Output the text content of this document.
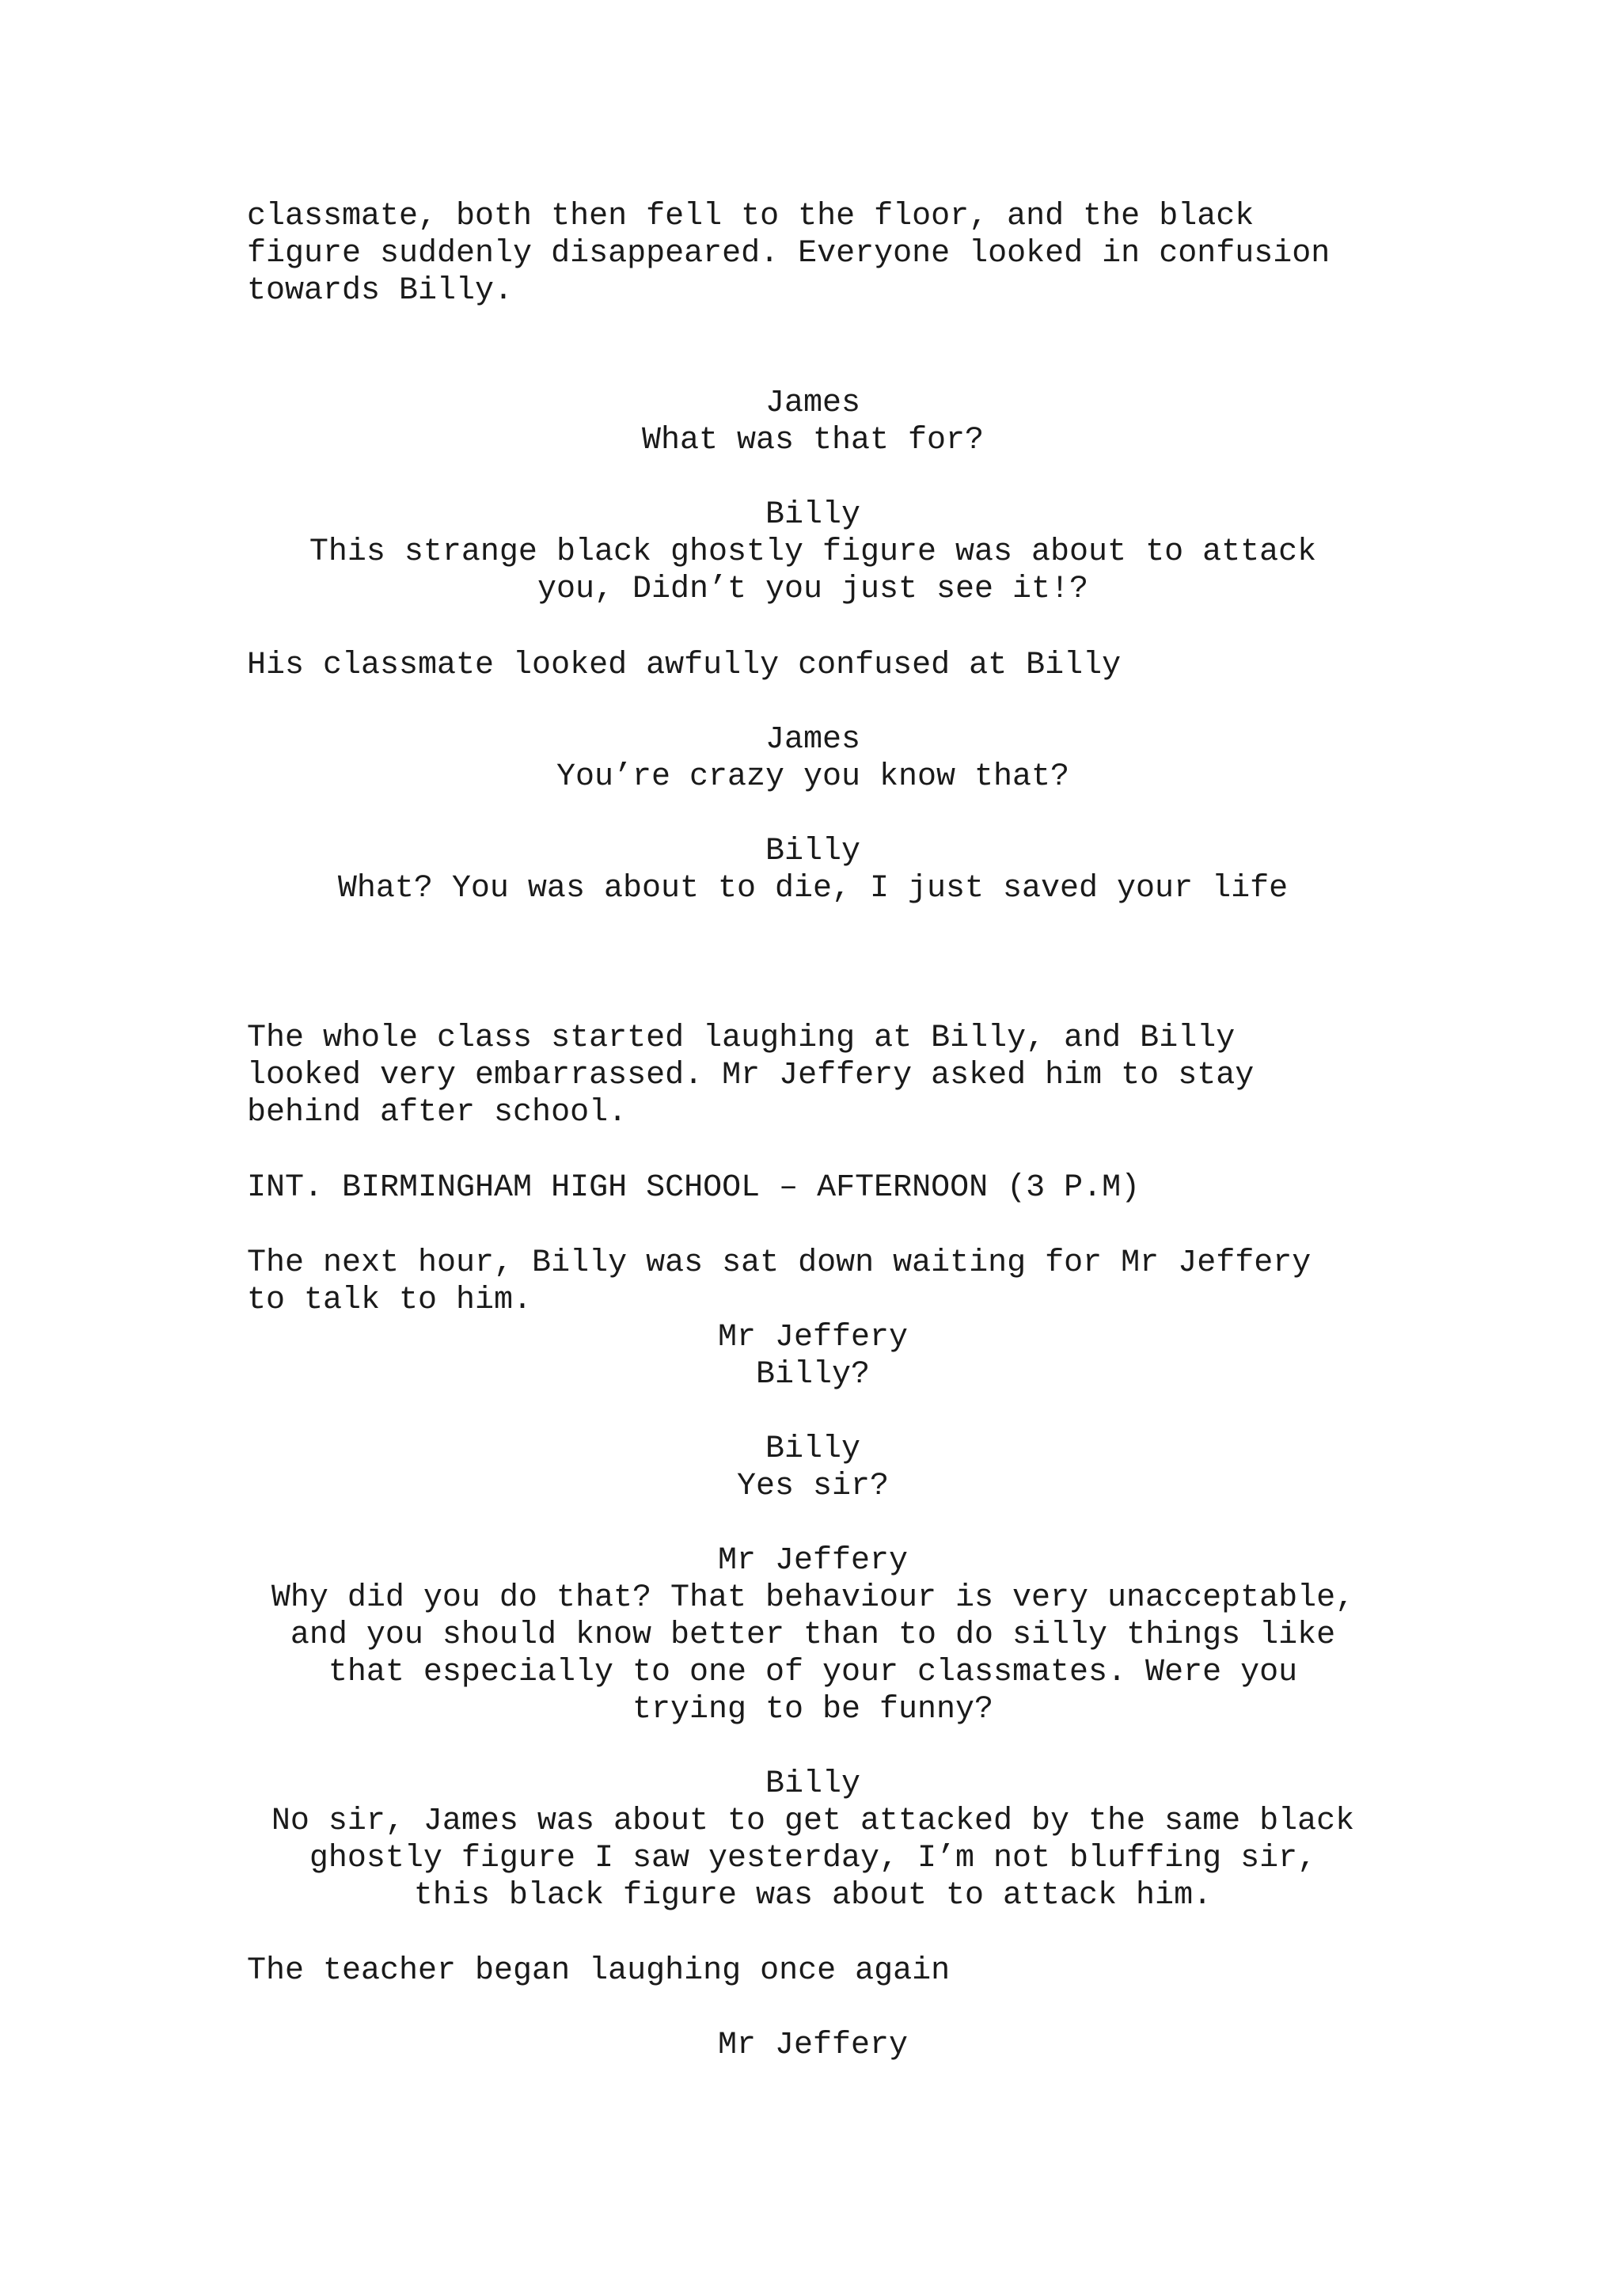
classmate, both then fell to the floor, and the black

figure suddenly disappeared. Everyone looked in confusion

towards Billy.

James

What was that for?

Billy

This strange black ghostly figure was about to attack

you, Didn’t you just see it!?

His classmate looked awfully confused at Billy

James

You’re crazy you know that?

Billy

What? You was about to die, I just saved your life

The whole class started laughing at Billy, and Billy

looked very embarrassed. Mr Jeffery asked him to stay

behind after school.

INT. BIRMINGHAM HIGH SCHOOL – AFTERNOON (3 P.M)

The next hour, Billy was sat down waiting for Mr Jeffery

to talk to him.

Mr Jeffery

Billy?

Billy

Yes sir?

Mr Jeffery

Why did you do that? That behaviour is very unacceptable,

and you should know better than to do silly things like

that especially to one of your classmates. Were you

trying to be funny?

Billy

No sir, James was about to get attacked by the same black

ghostly figure I saw yesterday, I’m not bluffing sir,

this black figure was about to attack him.

The teacher began laughing once again

Mr Jeffery
